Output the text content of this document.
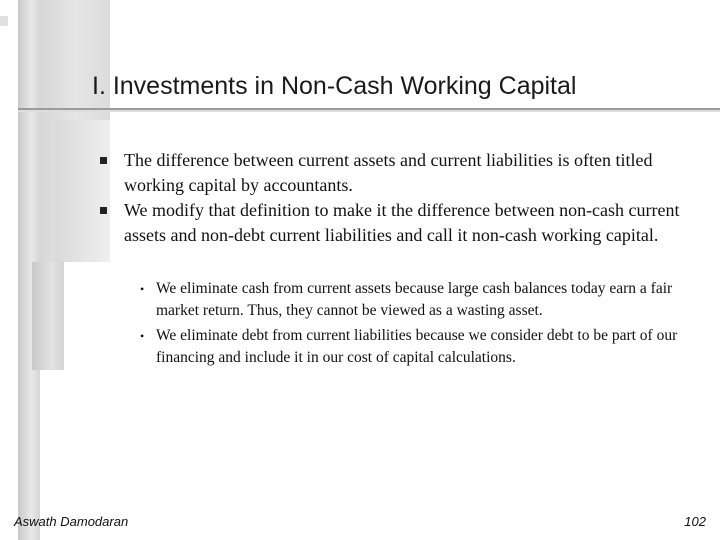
I. Investments in Non-Cash Working Capital
The difference between current assets and current liabilities is often titled working capital by accountants.
We modify that definition to make it the difference between non-cash current assets and non-debt current liabilities and call it non-cash working capital.
• We eliminate cash from current assets because large cash balances today earn a fair market return. Thus, they cannot be viewed as a wasting asset.
• We eliminate debt from current liabilities because we consider debt to be part of our financing and include it in our cost of capital calculations.
Aswath Damodaran	102
